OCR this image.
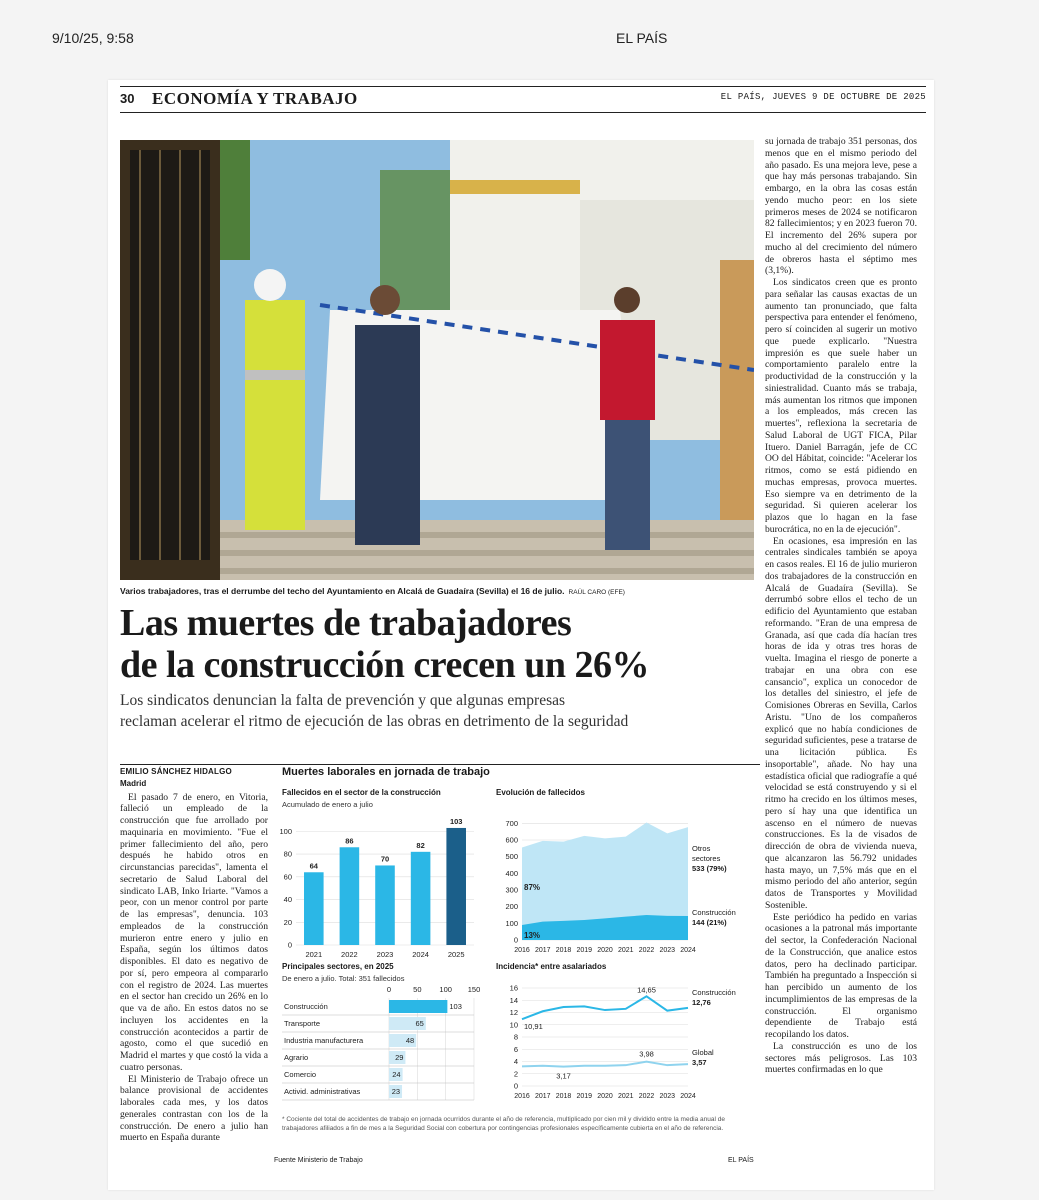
9/10/25, 9:58	EL PAÍS
30 ECONOMÍA Y TRABAJO	EL PAÍS, JUEVES 9 DE OCTUBRE DE 2025
Varios trabajadores, tras el derrumbe del techo del Ayuntamiento en Alcalá de Guadaíra (Sevilla) el 16 de julio. RAÚL CARO (EFE)
Las muertes de trabajadores
de la construcción crecen un 26%
Los sindicatos denuncian la falta de prevención y que algunas empresas
reclaman acelerar el ritmo de ejecución de las obras en detrimento de la seguridad

su jornada de trabajo 351 personas, dos menos que en el mismo periodo del año pasado. Es una mejora leve, pese a que hay más personas trabajando. Sin embargo, en la obra las cosas están yendo mucho peor: en los siete primeros meses de 2024 se notificaron 82 fallecimientos; y en 2023 fueron 70. El incremento del 26% supera por mucho al del crecimiento del número de obreros hasta el séptimo mes (3,1%).

Los sindicatos creen que es pronto para señalar las causas exactas de un aumento tan pronunciado, que falta perspectiva para entender el fenómeno, pero sí coinciden al sugerir un motivo que puede explicarlo. "Nuestra impresión es que suele haber un comportamiento paralelo entre la productividad de la construcción y la siniestralidad. Cuanto más se trabaja, más aumentan los ritmos que imponen a los empleados, más crecen las muertes", reflexiona la secretaria de Salud Laboral de UGT FICA, Pilar Ituero. Daniel Barragán, jefe de CC OO del Hábitat, coincide: "Acelerar los ritmos, como se está pidiendo en muchas empresas, provoca muertes. Eso siempre va en detrimento de la seguridad. Si quieren acelerar los plazos que lo hagan en la fase burocrática, no en la de ejecución".

En ocasiones, esa impresión en las centrales sindicales también se apoya en casos reales. El 16 de julio murieron dos trabajadores de la construcción en Alcalá de Guadaíra (Sevilla). Se derrumbó sobre ellos el techo de un edificio del Ayuntamiento que estaban reformando. "Eran de una empresa de Granada, así que cada día hacían tres horas de ida y otras tres horas de vuelta. Imagina el riesgo de ponerte a trabajar en una obra con ese cansancio", explica un conocedor de los detalles del siniestro, el jefe de Comisiones Obreras en Sevilla, Carlos Aristu. "Uno de los compañeros explicó que no había condiciones de seguridad suficientes, pese a tratarse de una licitación pública. Es insoportable", añade. No hay una estadística oficial que radiografíe a qué velocidad se está construyendo y si el ritmo ha crecido en los últimos meses, pero sí hay una que identifica un ascenso en el número de nuevas construcciones. Es la de visados de dirección de obra de vivienda nueva, que alcanzaron las 56.792 unidades hasta mayo, un 7,5% más que en el mismo periodo del año anterior, según datos de Transportes y Movilidad Sostenible.

Este periódico ha pedido en varias ocasiones a la patronal más importante del sector, la Confederación Nacional de la Construcción, que analice estos datos, pero ha declinado participar. También ha preguntado a Inspección si han percibido un aumento de los incumplimientos de las empresas de la construcción. El organismo dependiente de Trabajo está recopilando los datos.

La construcción es uno de los sectores más peligrosos. Las 103 muertes confirmadas en lo que

EMILIO SÁNCHEZ HIDALGO

Madrid

El pasado 7 de enero, en Vitoria, falleció un empleado de la construcción que fue arrollado por maquinaria en movimiento. "Fue el primer fallecimiento del año, pero después he habido otros en circunstancias parecidas", lamenta el secretario de Salud Laboral del sindicato LAB, Inko Iriarte. "Vamos a peor, con un menor control por parte de las empresas", denuncia. 103 empleados de la construcción murieron entre enero y julio en España, según los últimos datos disponibles. El dato es negativo de por sí, pero empeora al compararlo con el registro de 2024. Las muertes en el sector han crecido un 26% en lo que va de año. En estos datos no se incluyen los accidentes en la construcción acontecidos a partir de agosto, como el que sucedió en Madrid el martes y que costó la vida a cuatro personas.

El Ministerio de Trabajo ofrece un balance provisional de accidentes laborales cada mes, y los datos generales contrastan con los de la construcción. De enero a julio han muerto en España durante

Muertes laborales en jornada de trabajo
Fallecidos en el sector de la construcción
Acumulado de enero a julio
Evolución de fallecidos
Principales sectores, en 2025
De enero a julio. Total: 351 fallecidos
Incidencia* entre asalariados
0
20
40
60
80
100
64
2021
86
2022
70
2023
82
2024
103
2025
0
100
200
300
400
500
600
700
2016 2017 2018 2019 2020 2021 2022 2023 2024
87%
13%
0	50 100 150
Construcción	103
Transporte	65
Industria manufacturera	48
Agrario	29
Comercio	24
Activid. administrativas	23
0
2
4
6
8
10
12
14
16
2016 2017 2018 2019 2020 2021 2022 2023 2024
10,91
14,65
3,17
3,98
Otros
sectores
533 (79%)
Construcción
144 (21%)
Construcción
12,76
Global
3,57
* Cociente del total de accidentes de trabajo en jornada ocurridos durante el año de referencia, multiplicado por cien mil y dividido entre la media anual de trabajadores afiliados a fin de mes a la Seguridad Social con cobertura por contingencias profesionales específicamente cubierta en el año de referencia.
Fuente Ministerio de Trabajo	EL PAÍS
